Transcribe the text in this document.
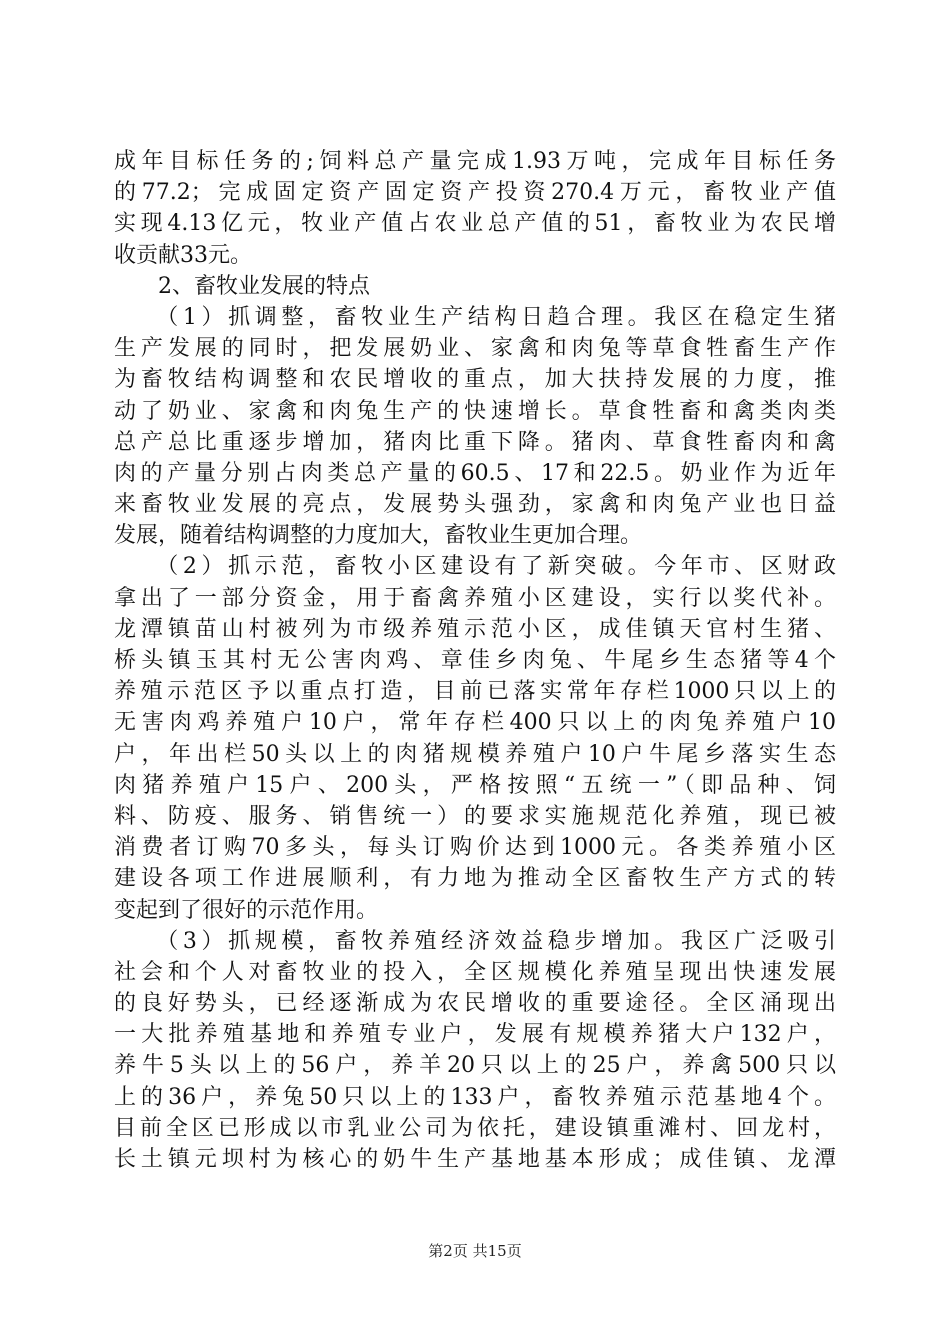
成年目标任务的;饲料总产量完成1.93万吨，完成年目标任务
的77.2；完成固定资产固定资产投资270.4万元，畜牧业产值
实现4.13亿元，牧业产值占农业总产值的51，畜牧业为农民增
收贡献33元。
　　2、畜牧业发展的特点
　　（1）抓调整，畜牧业生产结构日趋合理。我区在稳定生猪
生产发展的同时，把发展奶业、家禽和肉兔等草食牲畜生产作
为畜牧结构调整和农民增收的重点，加大扶持发展的力度，推
动了奶业、家禽和肉兔生产的快速增长。草食牲畜和禽类肉类
总产总比重逐步增加，猪肉比重下降。猪肉、草食牲畜肉和禽
肉的产量分别占肉类总产量的60.5、17和22.5。奶业作为近年
来畜牧业发展的亮点，发展势头强劲，家禽和肉兔产业也日益
发展，随着结构调整的力度加大，畜牧业生更加合理。
　　（2）抓示范，畜牧小区建设有了新突破。今年市、区财政
拿出了一部分资金，用于畜禽养殖小区建设，实行以奖代补。
龙潭镇苗山村被列为市级养殖示范小区，成佳镇天官村生猪、
桥头镇玉其村无公害肉鸡、章佳乡肉兔、牛尾乡生态猪等4个
养殖示范区予以重点打造，目前已落实常年存栏1000只以上的
无害肉鸡养殖户10户，常年存栏400只以上的肉兔养殖户10
户，年出栏50头以上的肉猪规模养殖户10户牛尾乡落实生态
肉猪养殖户15户、200头，严格按照“五统一”（即品种、饲
料、防疫、服务、销售统一）的要求实施规范化养殖，现已被
消费者订购70多头，每头订购价达到1000元。各类养殖小区
建设各项工作进展顺利，有力地为推动全区畜牧生产方式的转
变起到了很好的示范作用。
　　（3）抓规模，畜牧养殖经济效益稳步增加。我区广泛吸引
社会和个人对畜牧业的投入，全区规模化养殖呈现出快速发展
的良好势头，已经逐渐成为农民增收的重要途径。全区涌现出
一大批养殖基地和养殖专业户，发展有规模养猪大户132户，
养牛5头以上的56户，养羊20只以上的25户，养禽500只以
上的36户，养兔50只以上的133户，畜牧养殖示范基地4个。
目前全区已形成以市乳业公司为依托，建设镇重滩村、回龙村，
长土镇元坝村为核心的奶牛生产基地基本形成；成佳镇、龙潭
第2页 共15页
